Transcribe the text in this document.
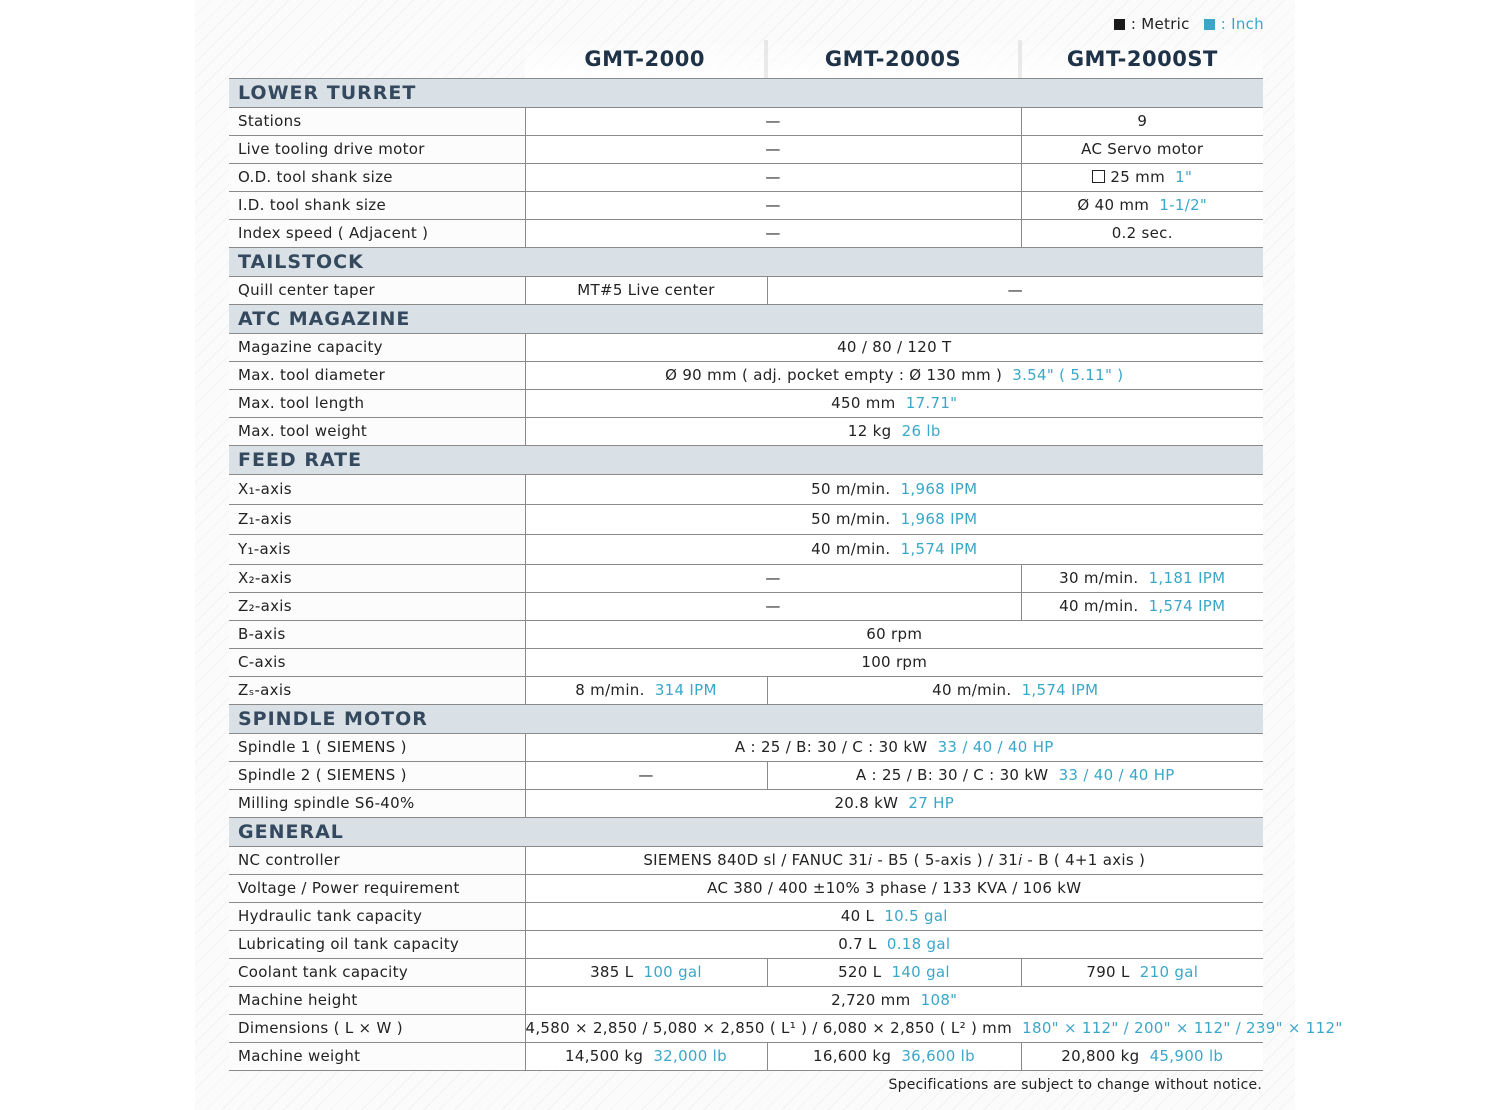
: Metric : Inch
GMT-2000	GMT-2000S	GMT-2000ST
LOWER TURRET			
Stations	—		9
Live tooling drive motor	—		AC Servo motor
O.D. tool shank size	—		25 mm 1"
I.D. tool shank size	—		Ø 40 mm 1-1/2"
Index speed ( Adjacent )	—		0.2 sec.
TAILSTOCK			
Quill center taper	MT#5 Live center	—	
ATC MAGAZINE			
Magazine capacity	40 / 80 / 120 T		
Max. tool diameter	Ø 90 mm ( adj. pocket empty : Ø 130 mm ) 3.54" ( 5.11" )		
Max. tool length	450 mm 17.71"		
Max. tool weight	12 kg 26 lb		
FEED RATE			
X₁-axis	50 m/min. 1,968 IPM		
Z₁-axis	50 m/min. 1,968 IPM		
Y₁-axis	40 m/min. 1,574 IPM		
X₂-axis	—		30 m/min. 1,181 IPM
Z₂-axis	—		40 m/min. 1,574 IPM
B-axis	60 rpm		
C-axis	100 rpm		
Zₛ-axis	8 m/min. 314 IPM	40 m/min. 1,574 IPM	
SPINDLE MOTOR			
Spindle 1 ( SIEMENS )	A : 25 / B: 30 / C : 30 kW 33 / 40 / 40 HP		
Spindle 2 ( SIEMENS )	—	A : 25 / B: 30 / C : 30 kW 33 / 40 / 40 HP	
Milling spindle S6-40%	20.8 kW 27 HP		
GENERAL			
NC controller	SIEMENS 840D sl / FANUC 31𝑖 - B5 ( 5-axis ) / 31𝑖 - B ( 4+1 axis )		
Voltage / Power requirement	AC 380 / 400 ±10% 3 phase / 133 KVA / 106 kW		
Hydraulic tank capacity	40 L 10.5 gal		
Lubricating oil tank capacity	0.7 L 0.18 gal		
Coolant tank capacity	385 L 100 gal	520 L 140 gal	790 L 210 gal
Machine height	2,720 mm 108"		
Dimensions ( L × W )	4,580 × 2,850 / 5,080 × 2,850 ( L¹ ) / 6,080 × 2,850 ( L² ) mm 180" × 112" / 200" × 112" / 239" × 112"		
Machine weight	14,500 kg 32,000 lb	16,600 kg 36,600 lb	20,800 kg 45,900 lb
Specifications are subject to change without notice.
